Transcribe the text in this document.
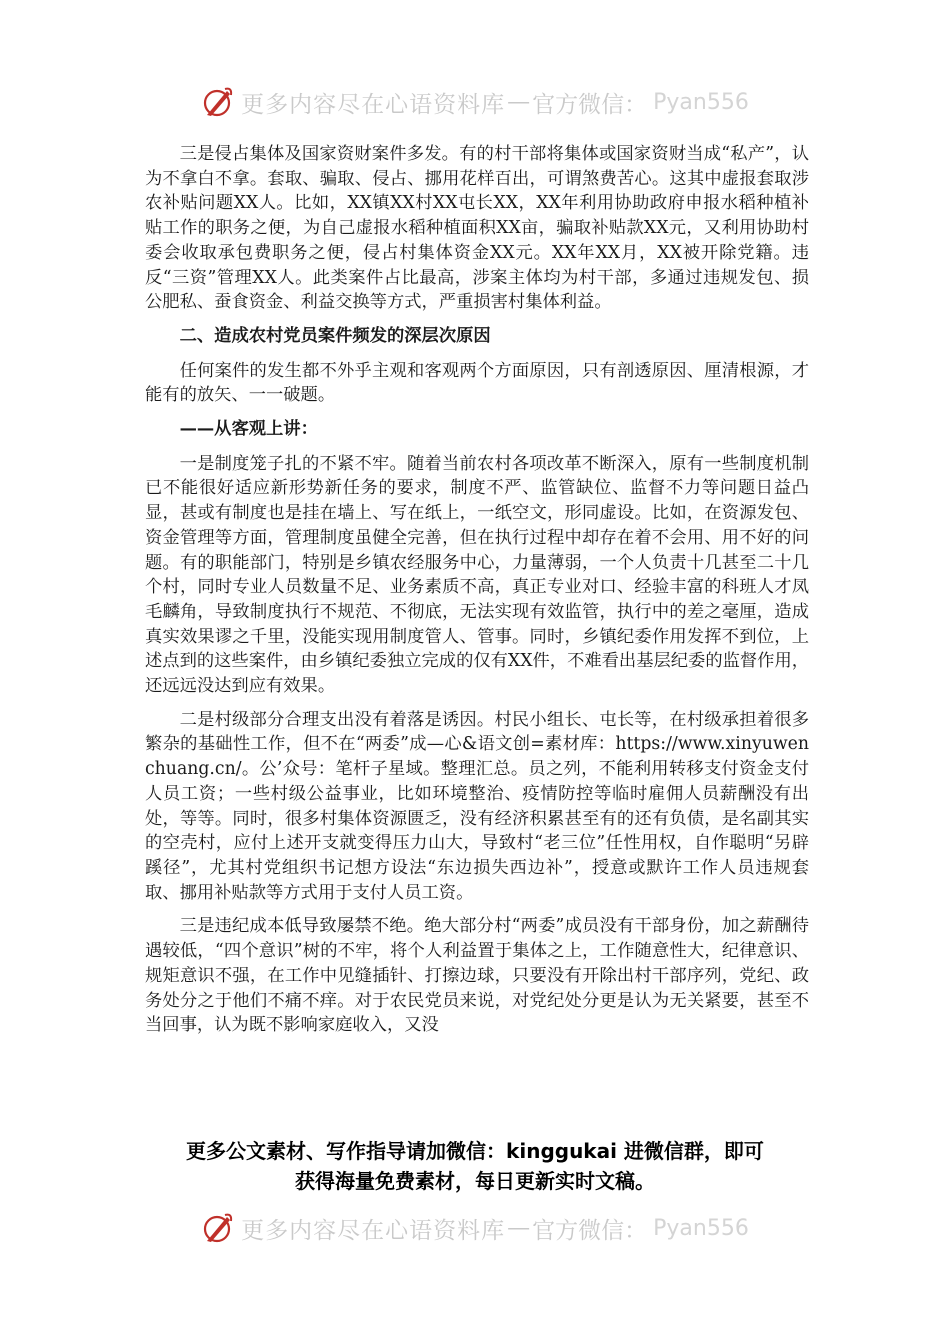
更多内容尽在心语资料库 — 官方微信： Pyan556

三是侵占集体及国家资财案件多发。有的村干部将集体或国家资财当成“私产”，认为不拿白不拿。套取、骗取、侵占、挪用花样百出，可谓煞费苦心。这其中虚报套取涉农补贴问题XX人。比如，XX镇XX村XX屯长XX，XX年利用协助政府申报水稻种植补贴工作的职务之便，为自己虚报水稻种植面积XX亩，骗取补贴款XX元，又利用协助村委会收取承包费职务之便，侵占村集体资金XX元。XX年XX月，XX被开除党籍。违反“三资”管理XX人。此类案件占比最高，涉案主体均为村干部，多通过违规发包、损公肥私、蚕食资金、利益交换等方式，严重损害村集体利益。

二、造成农村党员案件频发的深层次原因

任何案件的发生都不外乎主观和客观两个方面原因，只有剖透原因、厘清根源，才能有的放矢、一一破题。

——从客观上讲：

一是制度笼子扎的不紧不牢。随着当前农村各项改革不断深入，原有一些制度机制已不能很好适应新形势新任务的要求，制度不严、监管缺位、监督不力等问题日益凸显，甚或有制度也是挂在墙上、写在纸上，一纸空文，形同虚设。比如，在资源发包、资金管理等方面，管理制度虽健全完善，但在执行过程中却存在着不会用、用不好的问题。有的职能部门，特别是乡镇农经服务中心，力量薄弱，一个人负责十几甚至二十几个村，同时专业人员数量不足、业务素质不高，真正专业对口、经验丰富的科班人才凤毛麟角，导致制度执行不规范、不彻底，无法实现有效监管，执行中的差之毫厘，造成真实效果谬之千里，没能实现用制度管人、管事。同时，乡镇纪委作用发挥不到位，上述点到的这些案件，由乡镇纪委独立完成的仅有XX件，不难看出基层纪委的监督作用，还远远没达到应有效果。

二是村级部分合理支出没有着落是诱因。村民小组长、屯长等，在村级承担着很多繁杂的基础性工作，但不在“两委”成—心&语文创=素材库：https://www.xinyuwenchuang.cn/。公’众号：笔杆子星域。整理汇总。员之列，不能利用转移支付资金支付人员工资；一些村级公益事业，比如环境整治、疫情防控等临时雇佣人员薪酬没有出处，等等。同时，很多村集体资源匮乏，没有经济积累甚至有的还有负债，是名副其实的空壳村，应付上述开支就变得压力山大，导致村“老三位”任性用权，自作聪明“另辟蹊径”，尤其村党组织书记想方设法“东边损失西边补”，授意或默许工作人员违规套取、挪用补贴款等方式用于支付人员工资。

三是违纪成本低导致屡禁不绝。绝大部分村“两委”成员没有干部身份，加之薪酬待遇较低，“四个意识”树的不牢，将个人利益置于集体之上，工作随意性大，纪律意识、规矩意识不强，在工作中见缝插针、打擦边球，只要没有开除出村干部序列，党纪、政务处分之于他们不痛不痒。对于农民党员来说，对党纪处分更是认为无关紧要，甚至不当回事，认为既不影响家庭收入，又没

更多公文素材、写作指导请加微信：kinggukai 进微信群，即可
获得海量免费素材，每日更新实时文稿。
更多内容尽在心语资料库 — 官方微信： Pyan556
